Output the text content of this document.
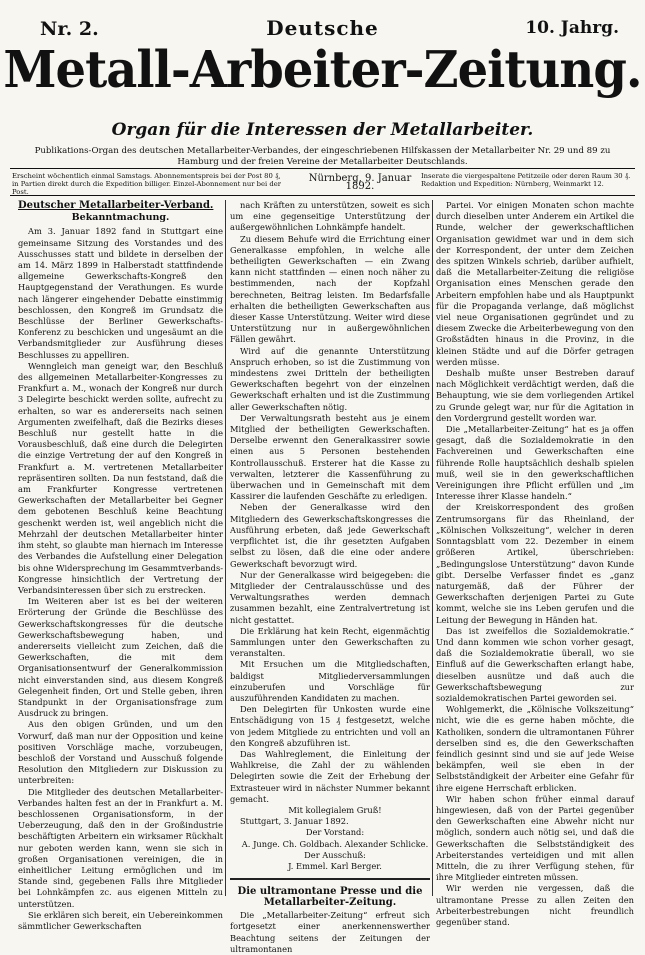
Nr. 2.	Deutsche	10. Jahrg.
Metall-Arbeiter-Zeitung.
Organ für die Interessen der Metallarbeiter.
Publikations-Organ des deutschen Metallarbeiter-Verbandes, der eingeschriebenen Hilfskassen der Metallarbeiter Nr. 29 und 89 zu Hamburg und der freien Vereine der Metallarbeiter Deutschlands.
Erscheint wöchentlich einmal Samstags. Abonnementspreis bei der Post 80 ₰, in Partien direkt durch die Expedition billiger. Einzel-Abonnement nur bei der Post.
Nürnberg, 9. Januar 1892.
Inserate die viergespaltene Petitzeile oder deren Raum 30 ₰. Redaktion und Expedition: Nürnberg, Weinmarkt 12.
Deutscher Metallarbeiter-Verband.
Bekanntmachung.

Am 3. Januar 1892 fand in Stuttgart eine gemeinsame Sitzung des Vorstandes und des Ausschusses statt und bildete in derselben der am 14. März 1899 in Halberstadt stattfindende allgemeine Gewerkschafts-Kongreß den Hauptgegenstand der Verathungen. Es wurde nach längerer eingehender Debatte einstimmig beschlossen, den Kongreß im Grundsatz die Beschlüsse der Berliner Gewerkschafts-Konferenz zu beschicken und ungesäumt an die Verbandsmitglieder zur Ausführung dieses Beschlusses zu appelliren.

Wenngleich man geneigt war, den Beschluß des allgemeinen Metallarbeiter-Kongresses zu Frankfurt a. M., wonach der Kongreß nur durch 3 Delegirte beschickt werden sollte, aufrecht zu erhalten, so war es andererseits nach seinen Argumenten zweifelhaft, daß die Bezirks dieses Beschluß nur gestellt hatte in die Vorausbeschluß, daß eine durch die Delegirten die einzige Vertretung der auf den Kongreß in Frankfurt a. M. vertretenen Metallarbeiter repräsentiren sollten. Da nun feststand, daß die am Frankfurter Kongresse vertretenen Gewerkschaften der Metallarbeiter bei Gegner dem gebotenen Beschluß keine Beachtung geschenkt werden ist, weil angeblich nicht die Mehrzahl der deutschen Metallarbeiter hinter ihm steht, so glaubte man hiernach im Interesse des Verbandes die Aufstellung einer Delegation bis ohne Widersprechung im Gesammtverbands-Kongresse hinsichtlich der Vertretung der Verbandsinteressen über sich zu erstrecken.

Im Weiteren aber ist es bei der weiteren Erörterung der Gründe die Beschlüsse des Gewerkschaftskongresses für die deutsche Gewerkschaftsbewegung haben, und andererseits vielleicht zum Zeichen, daß die Gewerkschaften, die mit dem Organisationsentwurf der Generalkommission nicht einverstanden sind, aus diesem Kongreß Gelegenheit finden, Ort und Stelle geben, ihren Standpunkt in der Organisationsfrage zum Ausdruck zu bringen.

Aus den obigen Gründen, und um den Vorwurf, daß man nur der Opposition und keine positiven Vorschläge mache, vorzubeugen, beschloß der Vorstand und Ausschuß folgende Resolution den Mitgliedern zur Diskussion zu unterbreiten:

Die Mitglieder des deutschen Metallarbeiter-Verbandes halten fest an der in Frankfurt a. M. beschlossenen Organisationsform, in der Ueberzeugung, daß den in der Großindustrie beschäftigten Arbeitern ein wirksamer Rückhalt nur geboten werden kann, wenn sie sich in großen Organisationen vereinigen, die in einheitlicher Leitung ermöglichen und im Stande sind, gegebenen Falls ihre Mitglieder bei Lohnkämpfen zc. aus eigenen Mitteln zu unterstützen.

Sie erklären sich bereit, ein Uebereinkommen sämmtlicher Gewerkschaften

nach Kräften zu unterstützen, soweit es sich um eine gegenseitige Unterstützung der außergewöhnlichen Lohnkämpfe handelt.

Zu diesem Behufe wird die Errichtung einer Generalkasse empfohlen, in welche alle betheiligten Gewerkschaften — ein Zwang kann nicht stattfinden — einen noch näher zu bestimmenden, nach der Kopfzahl berechneten, Beitrag leisten. Im Bedarfsfalle erhalten die betheiligten Gewerkschaften aus dieser Kasse Unterstützung. Weiter wird diese Unterstützung nur in außergewöhnlichen Fällen gewährt.

Wird auf die genannte Unterstützung Anspruch erhoben, so ist die Zustimmung von mindestens zwei Dritteln der betheiligten Gewerkschaften begehrt von der einzelnen Gewerkschaft erhalten und ist die Zustimmung aller Gewerkschaften nötig.

Der Verwaltungsrath besteht aus je einem Mitglied der betheiligten Gewerkschaften. Derselbe erwennt den Generalkassirer sowie einen aus 5 Personen bestehenden Kontrollausschuß. Ersterer hat die Kasse zu verwalten, letzterer die Kassenführung zu überwachen und in Gemeinschaft mit dem Kassirer die laufenden Geschäfte zu erledigen.

Neben der Generalkasse wird den Mitgliedern des Gewerkschaftskongresses die Ausführung erbeten, daß jede Gewerkschaft verpflichtet ist, die ihr gesetzten Aufgaben selbst zu lösen, daß die eine oder andere Gewerkschaft bevorzugt wird.

Nur der Generalkasse wird beigegeben: die Mitglieder der Centralausschüsse und des Verwaltungsrathes werden demnach zusammen bezahlt, eine Zentralvertretung ist nicht gestattet.

Die Erklärung hat kein Recht, eigenmächtig Sammlungen unter den Gewerkschaften zu veranstalten.

Mit Ersuchen um die Mitgliedschaften, baldigst Mitgliederversammlungen einzuberufen und Vorschläge für auszuführenden Kandidaten zu machen.

Den Delegirten für Unkosten wurde eine Entschädigung von 15 ₰ festgesetzt, welche von jedem Mitgliede zu entrichten und voll an den Kongreß abzuführen ist.

Das Wahlreglement, die Einleitung der Wahlkreise, die Zahl der zu wählenden Delegirten sowie die Zeit der Erhebung der Extrasteuer wird in nächster Nummer bekannt gemacht.

Mit kollegialem Gruß!

Stuttgart, 3. Januar 1892.

Der Vorstand:

A. Junge. Ch. Goldbach. Alexander Schlicke.

Der Ausschuß:

J. Emmel. Karl Berger.

Die ultramontane Presse und die Metallarbeiter-Zeitung.

Die „Metallarbeiter-Zeitung“ erfreut sich fortgesetzt einer anerkennenswerther Beachtung seitens der Zeitungen der ultramontanen

Partei. Vor einigen Monaten schon machte durch dieselben unter Anderem ein Artikel die Runde, welcher der gewerkschaftlichen Organisation gewidmet war und in dem sich der Korrespondent, der unter dem Zeichen des spitzen Winkels schrieb, darüber aufhielt, daß die Metallarbeiter-Zeitung die religiöse Organisation eines Menschen gerade den Arbeitern empfohlen habe und als Hauptpunkt für die Propaganda verlange, daß möglichst viel neue Organisationen gegründet und zu diesem Zwecke die Arbeiterbewegung von den Großstädten hinaus in die Provinz, in die kleinen Städte und auf die Dörfer getragen werden müsse.

Deshalb mußte unser Bestreben darauf nach Möglichkeit verdächtigt werden, daß die Behauptung, wie sie dem vorliegenden Artikel zu Grunde gelegt war, nur für die Agitation in den Vordergrund gestellt worden war.

Die „Metallarbeiter-Zeitung“ hat es ja offen gesagt, daß die Sozialdemokratie in den Fachvereinen und Gewerkschaften eine führende Rolle hauptsächlich deshalb spielen muß, weil sie in den gewerkschaftlichen Vereinigungen ihre Pflicht erfüllen und „im Interesse ihrer Klasse handeln.“

der Kreiskorrespondent des großen Zentrumsorgans für das Rheinland, der „Kölnischen Volkszeitung“, welcher in deren Sonntagsblatt vom 22. Dezember in einem größeren Artikel, überschrieben: „Bedingungslose Unterstützung“ davon Kunde gibt. Derselbe Verfasser findet es „ganz naturgemäß, daß der Führer der Gewerkschaften derjenigen Partei zu Gute kommt, welche sie ins Leben gerufen und die Leitung der Bewegung in Händen hat.

Das ist zweifellos die Sozialdemokratie.“ Und dann kommen wie schon vorher gesagt, daß die Sozialdemokratie überall, wo sie Einfluß auf die Gewerkschaften erlangt habe, dieselben ausnütze und daß auch die Gewerkschaftsbewegung zur sozialdemokratischen Partei geworden sei.

Wohlgemerkt, die „Kölnische Volkszeitung“ nicht, wie die es gerne haben möchte, die Katholiken, sondern die ultramontanen Führer derselben sind es, die den Gewerkschaften feindlich gesinnt sind und sie auf jede Weise bekämpfen, weil sie eben in der Selbstständigkeit der Arbeiter eine Gefahr für ihre eigene Herrschaft erblicken.

Wir haben schon früher einmal darauf hingewiesen, daß von der Partei gegenüber den Gewerkschaften eine Abwehr nicht nur möglich, sondern auch nötig sei, und daß die Gewerkschaften die Selbstständigkeit des Arbeiterstandes verteidigen und mit allen Mitteln, die zu ihrer Verfügung stehen, für ihre Mitglieder eintreten müssen.

Wir werden nie vergessen, daß die ultramontane Presse zu allen Zeiten den Arbeiterbestrebungen nicht freundlich gegenüber stand.
